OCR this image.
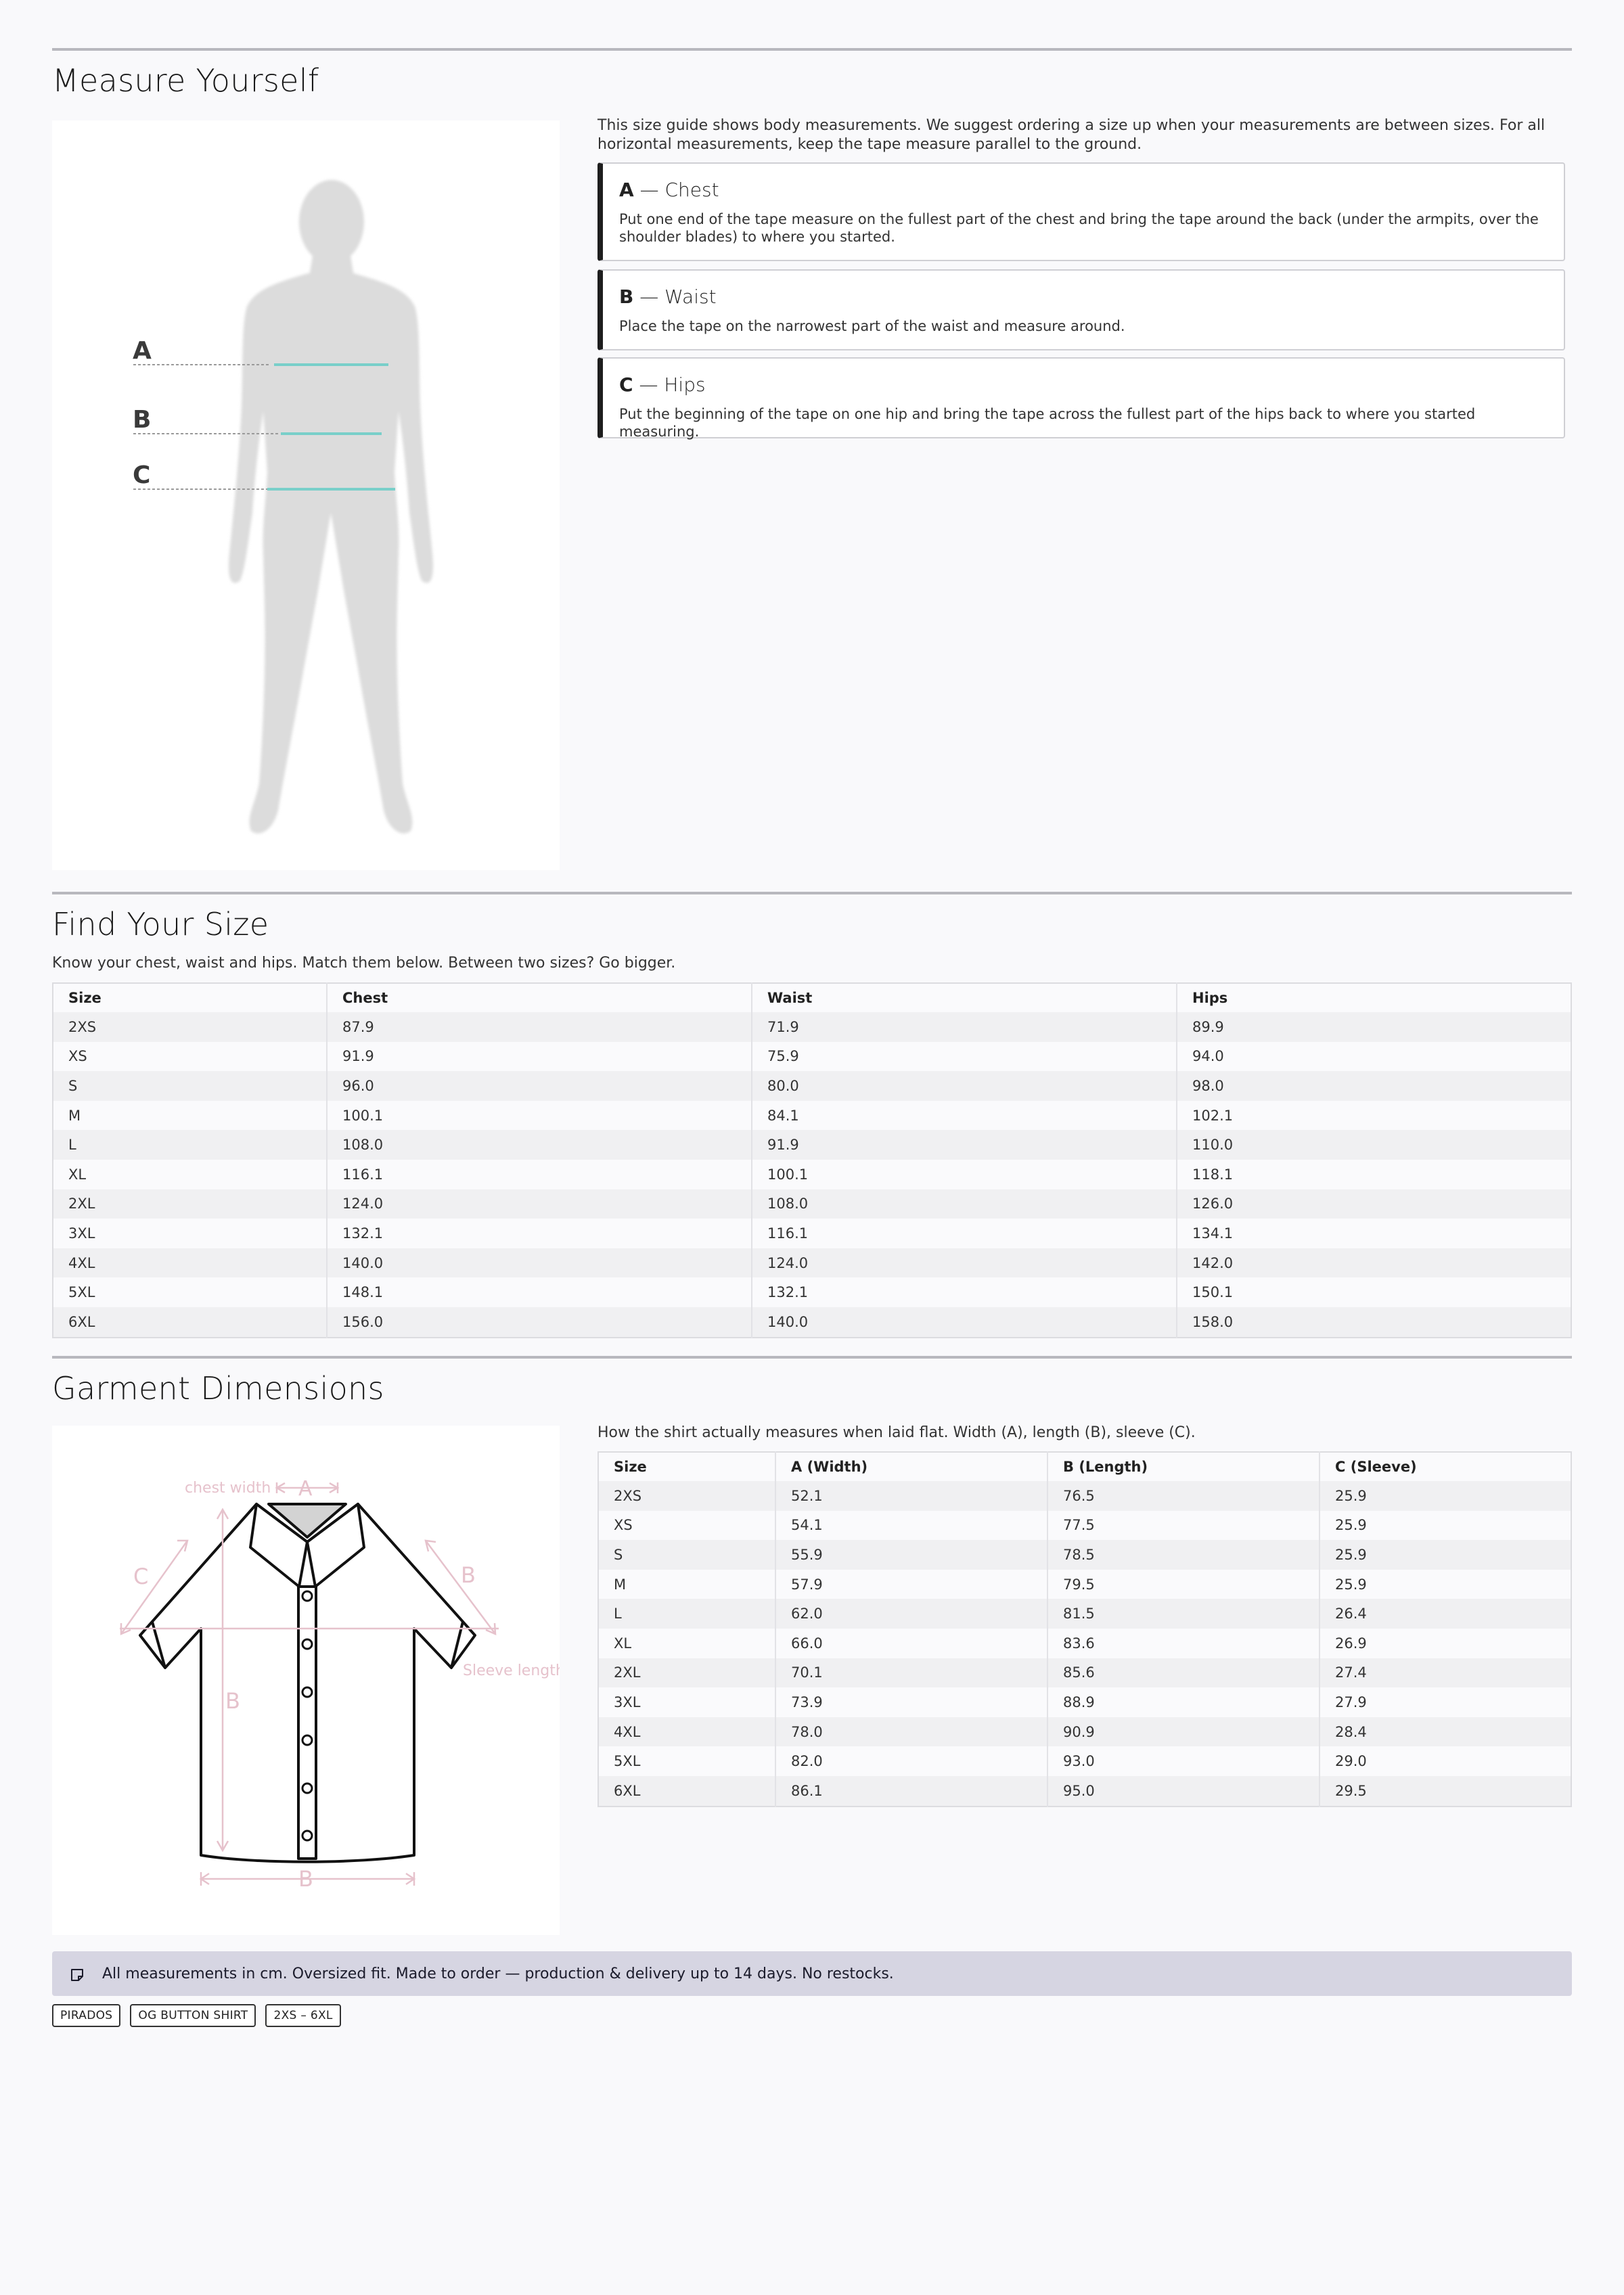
Measure Yourself
A
B
C
This size guide shows body measurements. We suggest ordering a size up when your measurements are between sizes. For all horizontal measurements, keep the tape measure parallel to the ground.
A — Chest
Put one end of the tape measure on the fullest part of the chest and bring the tape around the back (under the armpits, over the shoulder blades) to where you started.
B — Waist
Place the tape on the narrowest part of the waist and measure around.
C — Hips
Put the beginning of the tape on one hip and bring the tape across the fullest part of the hips back to where you started measuring.
Find Your Size
Know your chest, waist and hips. Match them below. Between two sizes? Go bigger.
Size	Chest	Waist	Hips
2XS	87.9	71.9	89.9
XS	91.9	75.9	94.0
S	96.0	80.0	98.0
M	100.1	84.1	102.1
L	108.0	91.9	110.0
XL	116.1	100.1	118.1
2XL	124.0	108.0	126.0
3XL	132.1	116.1	134.1
4XL	140.0	124.0	142.0
5XL	148.1	132.1	150.1
6XL	156.0	140.0	158.0
Garment Dimensions
chest width A
B
B
C	B
Sleeve length
How the shirt actually measures when laid flat. Width (A), length (B), sleeve (C).
Size	A (Width)	B (Length)	C (Sleeve)
2XS	52.1	76.5	25.9
XS	54.1	77.5	25.9
S	55.9	78.5	25.9
M	57.9	79.5	25.9
L	62.0	81.5	26.4
XL	66.0	83.6	26.9
2XL	70.1	85.6	27.4
3XL	73.9	88.9	27.9
4XL	78.0	90.9	28.4
5XL	82.0	93.0	29.0
6XL	86.1	95.0	29.5
All measurements in cm. Oversized fit. Made to order — production & delivery up to 14 days. No restocks.
PIRADOS	OG BUTTON SHIRT	2XS – 6XL
